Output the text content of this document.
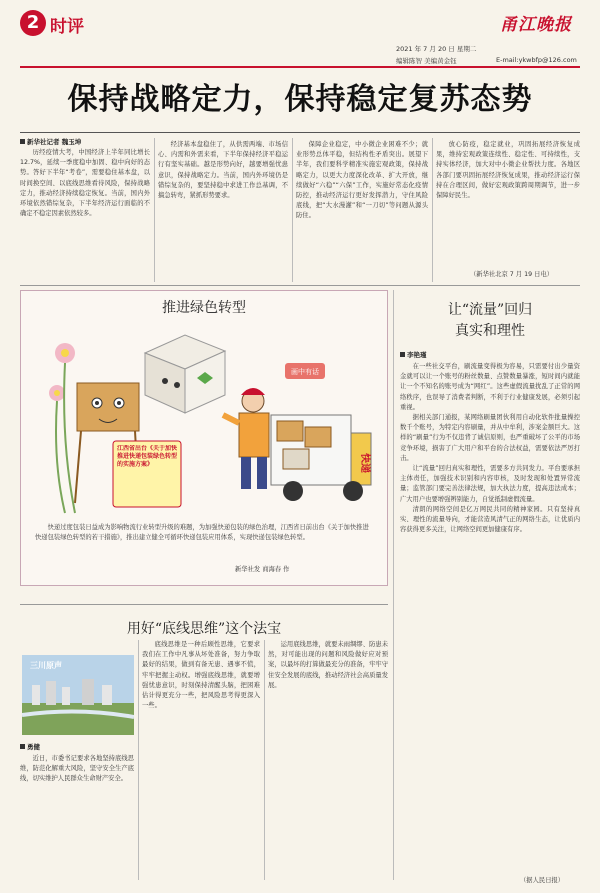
2 时评
2021 年 7 月 20 日 星期二
编辑陈智 美编黄金钰
甬江晚报
E-mail:ykwbfp@126.com
保持战略定力，保持稳定复苏态势
新华社记者 魏玉坤

历经疫情大考，中国经济上半年同比增长 12.7%，延续一季度稳中加固、稳中向好的态势。答好下半年“考卷”，需要稳住基本盘，以时间换空间、以底线思维看待风险，保持战略定力，推动经济持续稳定恢复。当前，国内外环境依然错综复杂，下半年经济运行面临的不确定不稳定因素依然较多。

经济基本盘稳住了，从供需两端、市场信心、内需和外需来看，下半年保持经济平稳运行有坚实基础。越是形势向好，越要增强忧患意识，保持战略定力。当前，国内外环境仍是错综复杂的，要坚持稳中求进工作总基调，不搞急转弯，紧抓形势要求。

保障企业稳定，中小微企业困难不少；就业形势总体平稳，但结构性矛盾突出。展望下半年，我们要科学精准实施宏观政策，保持战略定力，以更大力度深化改革、扩大开放，继续做好“六稳”“六保”工作，实施好常态化疫情防控，推动经济运行更好发挥潜力，守住风险底线，把“大水漫灌”和“一刀切”等问题从源头防住。

放心防疫，稳定就业，巩固拓展经济恢复成果，维持宏观政策连续性、稳定性、可持续性，支持实体经济，加大对中小微企业帮扶力度。各地区各部门要巩固拓展经济恢复成果，推动经济运行保持在合理区间，做好宏观政策跨周期调节，进一步保障好民生。

（新华社北京 7 月 19 日电）
推进绿色转型
江西省出台《关于加快推进快递包装绿色转型的实施方案》
画中有话
快递
快递过度包装日益成为影响物流行业转型升级的难题，为加强快递包装的绿色治理，江西省日前出台《关于加快推进快递包装绿色转型的若干措施》，推出建立健全可循环快递包装应用体系，实现快递包装绿色转型。
新华社发 商海春 作
让“流量”回归
真实和理性
李艳瑾

在一些社交平台，刷流量变得极为容易，只需要付出少量资金就可以让一个账号的粉丝数量、点赞数量暴涨，短时间内就能让一个不知名的账号成为“网红”。这些虚假流量扰乱了正常的网络秩序，也误导了消费者判断，不利于行业健康发展，必须引起重视。

据相关部门通报，某网络刷量团伙利用自动化软件批量操控数千个账号，为特定内容刷量，并从中牟利，涉案金额巨大。这样的“刷量”行为不仅违背了诚信原则，也严重破坏了公平的市场竞争环境，损害了广大用户和平台的合法权益，需要依法严厉打击。

让“流量”回归真实和理性，需要多方共同发力。平台要承担主体责任，加强技术识别和内容审核，及时发现和处置异常流量；监管部门要完善法律法规，加大执法力度，提高违法成本；广大用户也要增强辨别能力，自觉抵制虚假流量。

清朗的网络空间是亿万网民共同的精神家园。只有坚持真实、理性的流量导向，才能营造风清气正的网络生态，让优质内容获得更多关注，让网络空间更加健康有序。

（据人民日报）
用好“底线思维”这个法宝
三川原声
勇健

近日，市委书记要求各地坚持底线思维，防范化解重大风险，坚守安全生产底线，切实维护人民群众生命财产安全。

底线思维是一种后顾性思维，它要求我们在工作中凡事从坏处准备，努力争取最好的结果，做到有备无患、遇事不慌，牢牢把握主动权。增强底线思维，就要增强忧患意识，时刻保持清醒头脑，把困难估计得更充分一些，把风险思考得更深入一些。

运用底线思维，就要未雨绸缪、防患未然，对可能出现的问题和风险做好应对预案，以最坏的打算做最充分的准备，牢牢守住安全发展的底线，推动经济社会高质量发展。
